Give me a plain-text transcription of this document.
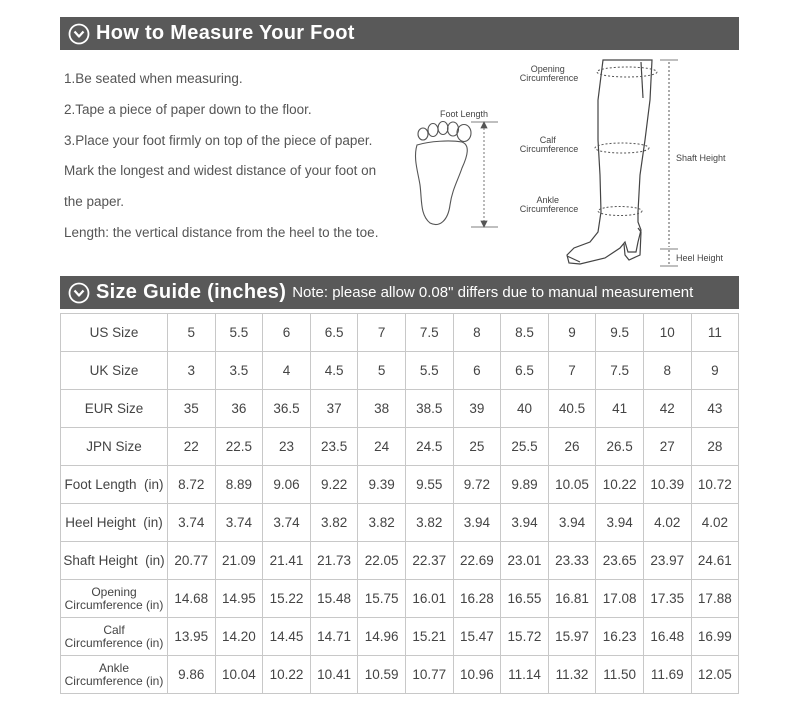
How to Measure Your Foot

1.Be seated when measuring.

2.Tape a piece of paper down to the floor.

3.Place your foot firmly on top of the piece of paper.

Mark the longest and widest distance of your foot on

the paper.

Length: the vertical distance from the heel to the toe.

Foot Length
Opening Circumference
Calf Circumference
Ankle Circumference
Shaft Height
Heel Height
Size Guide (inches) Note: please allow 0.08" differs due to manual measurement
US Size	5	5.5	6	6.5	7	7.5	8	8.5	9	9.5	10	11
UK Size	3	3.5	4	4.5	5	5.5	6	6.5	7	7.5	8	9
EUR Size	35	36	36.5	37	38	38.5	39	40	40.5	41	42	43
JPN Size	22	22.5	23	23.5	24	24.5	25	25.5	26	26.5	27	28
Foot Length  (in)	8.72	8.89	9.06	9.22	9.39	9.55	9.72	9.89	10.05	10.22	10.39	10.72
Heel Height  (in)	3.74	3.74	3.74	3.82	3.82	3.82	3.94	3.94	3.94	3.94	4.02	4.02
Shaft Height  (in)	20.77	21.09	21.41	21.73	22.05	22.37	22.69	23.01	23.33	23.65	23.97	24.61

Opening
Circumference (in)	14.68	14.95	15.22	15.48	15.75	16.01	16.28	16.55	16.81	17.08	17.35	17.88

Calf
Circumference (in)	13.95	14.20	14.45	14.71	14.96	15.21	15.47	15.72	15.97	16.23	16.48	16.99

Ankle
Circumference (in)	9.86	10.04	10.22	10.41	10.59	10.77	10.96	11.14	11.32	11.50	11.69	12.05
